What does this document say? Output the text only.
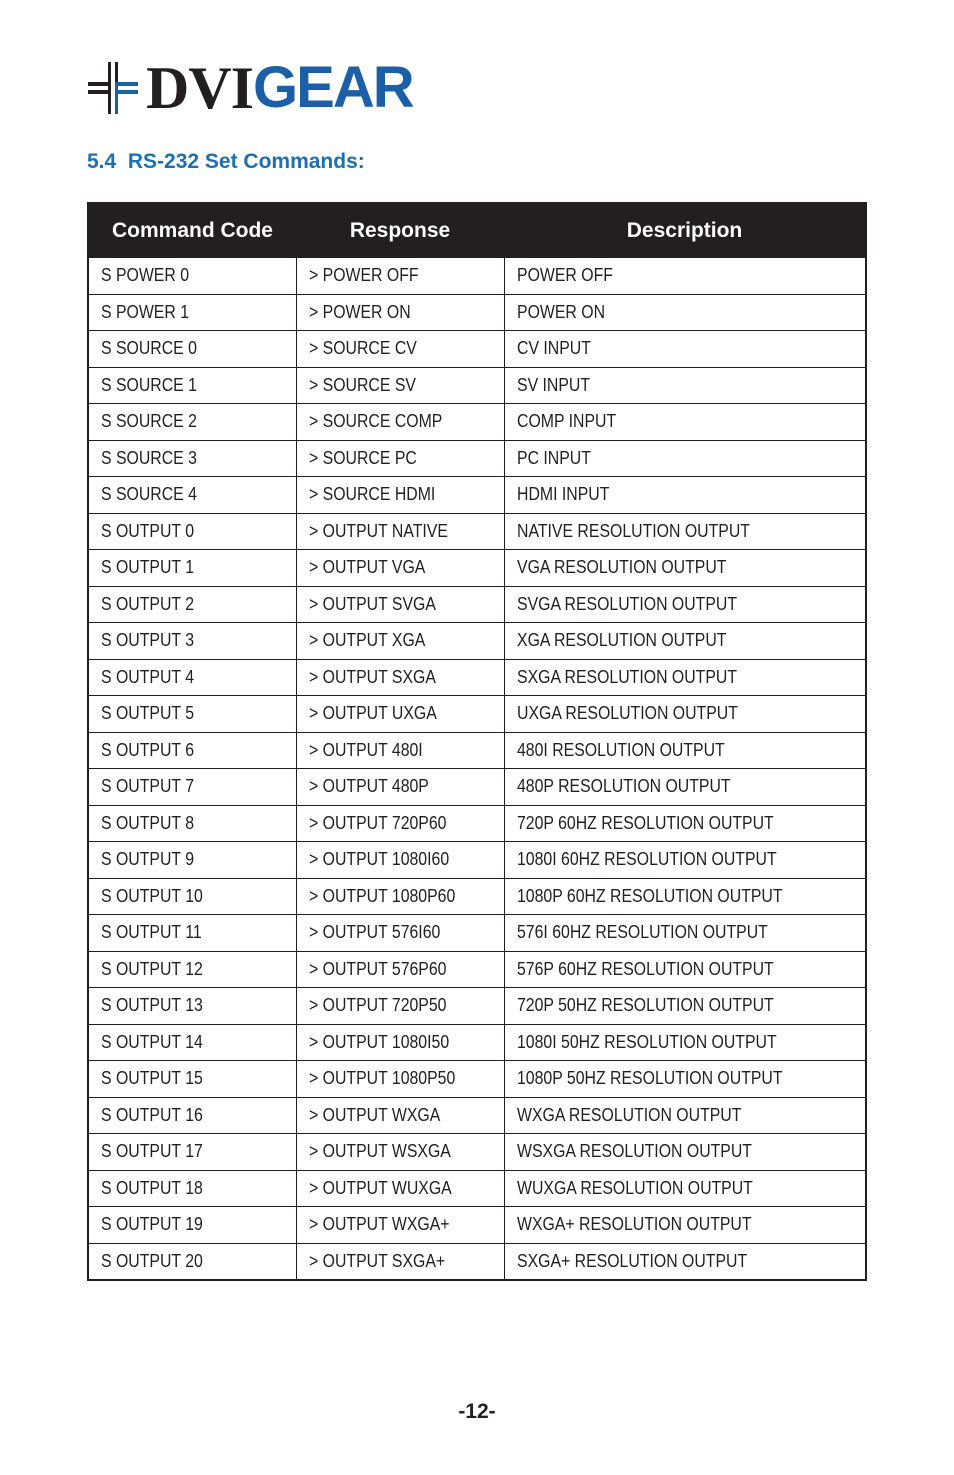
DVI GEAR
5.4  RS-232 Set Commands:
Command Code	Response	Description
S POWER 0	> POWER OFF	POWER OFF
S POWER 1	> POWER ON	POWER ON
S SOURCE 0	> SOURCE CV	CV INPUT
S SOURCE 1	> SOURCE SV	SV INPUT
S SOURCE 2	> SOURCE COMP	COMP INPUT
S SOURCE 3	> SOURCE PC	PC INPUT
S SOURCE 4	> SOURCE HDMI	HDMI INPUT
S OUTPUT 0	> OUTPUT NATIVE	NATIVE RESOLUTION OUTPUT
S OUTPUT 1	> OUTPUT VGA	VGA RESOLUTION OUTPUT
S OUTPUT 2	> OUTPUT SVGA	SVGA RESOLUTION OUTPUT
S OUTPUT 3	> OUTPUT XGA	XGA RESOLUTION OUTPUT
S OUTPUT 4	> OUTPUT SXGA	SXGA RESOLUTION OUTPUT
S OUTPUT 5	> OUTPUT UXGA	UXGA RESOLUTION OUTPUT
S OUTPUT 6	> OUTPUT 480I	480I RESOLUTION OUTPUT
S OUTPUT 7	> OUTPUT 480P	480P RESOLUTION OUTPUT
S OUTPUT 8	> OUTPUT 720P60	720P 60HZ RESOLUTION OUTPUT
S OUTPUT 9	> OUTPUT 1080I60	1080I 60HZ RESOLUTION OUTPUT
S OUTPUT 10	> OUTPUT 1080P60	1080P 60HZ RESOLUTION OUTPUT
S OUTPUT 11	> OUTPUT 576I60	576I 60HZ RESOLUTION OUTPUT
S OUTPUT 12	> OUTPUT 576P60	576P 60HZ RESOLUTION OUTPUT
S OUTPUT 13	> OUTPUT 720P50	720P 50HZ RESOLUTION OUTPUT
S OUTPUT 14	> OUTPUT 1080I50	1080I 50HZ RESOLUTION OUTPUT
S OUTPUT 15	> OUTPUT 1080P50	1080P 50HZ RESOLUTION OUTPUT
S OUTPUT 16	> OUTPUT WXGA	WXGA RESOLUTION OUTPUT
S OUTPUT 17	> OUTPUT WSXGA	WSXGA RESOLUTION OUTPUT
S OUTPUT 18	> OUTPUT WUXGA	WUXGA RESOLUTION OUTPUT
S OUTPUT 19	> OUTPUT WXGA+	WXGA+ RESOLUTION OUTPUT
S OUTPUT 20	> OUTPUT SXGA+	SXGA+ RESOLUTION OUTPUT
-12-
